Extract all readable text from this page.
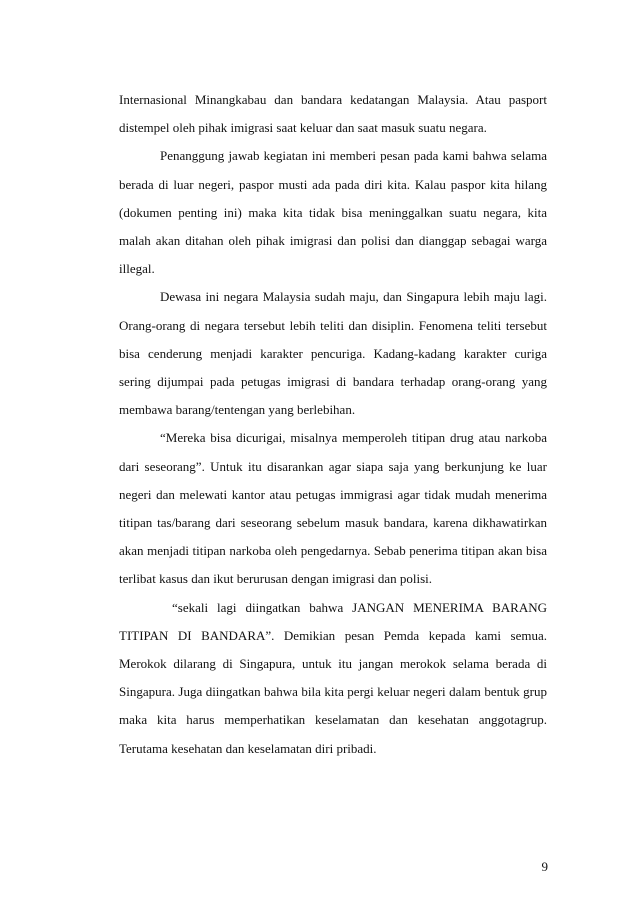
Internasional Minangkabau dan bandara kedatangan Malaysia. Atau pasport distempel oleh pihak imigrasi saat keluar dan saat masuk suatu negara.

Penanggung jawab kegiatan ini memberi pesan pada kami bahwa selama berada di luar negeri, paspor musti ada pada diri kita. Kalau paspor kita hilang (dokumen penting ini) maka kita tidak bisa meninggalkan suatu negara, kita malah akan ditahan oleh pihak imigrasi dan polisi dan dianggap sebagai warga illegal.

Dewasa ini negara Malaysia sudah maju, dan Singapura lebih maju lagi. Orang-orang di negara tersebut lebih teliti dan disiplin. Fenomena teliti tersebut bisa cenderung menjadi karakter pencuriga. Kadang-kadang karakter curiga sering dijumpai pada petugas imigrasi di bandara terhadap orang-orang yang membawa barang/tentengan yang berlebihan.

“Mereka bisa dicurigai, misalnya memperoleh titipan drug atau narkoba dari seseorang”. Untuk itu disarankan agar siapa saja yang berkunjung ke luar negeri dan melewati kantor atau petugas immigrasi agar tidak mudah menerima titipan tas/barang dari seseorang sebelum masuk bandara, karena dikhawatirkan akan menjadi titipan narkoba oleh pengedarnya. Sebab penerima titipan akan bisa terlibat kasus dan ikut berurusan dengan imigrasi dan polisi.

“sekali lagi diingatkan bahwa JANGAN MENERIMA BARANG TITIPAN DI BANDARA”. Demikian pesan Pemda kepada kami semua. Merokok dilarang di Singapura, untuk itu jangan merokok selama berada di Singapura. Juga diingatkan bahwa bila kita pergi keluar negeri dalam bentuk grup maka kita harus memperhatikan keselamatan dan kesehatan anggotagrup. Terutama kesehatan dan keselamatan diri pribadi.

9
